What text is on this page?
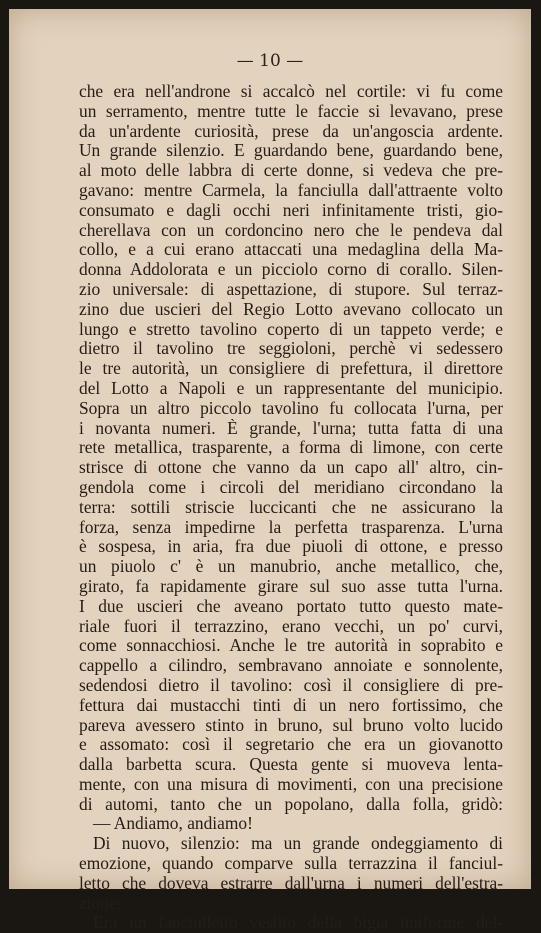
— 10 —

che era nell'androne si accalcò nel cortile: vi fu come
un serramento, mentre tutte le faccie si levavano, prese
da un'ardente curiosità, prese da un'angoscia ardente.
Un grande silenzio. E guardando bene, guardando bene,
al moto delle labbra di certe donne, si vedeva che pre-
gavano: mentre Carmela, la fanciulla dall'attraente volto
consumato e dagli occhi neri infinitamente tristi, gio-
cherellava con un cordoncino nero che le pendeva dal
collo, e a cui erano attaccati una medaglina della Ma-
donna Addolorata e un picciolo corno di corallo. Silen-
zio universale: di aspettazione, di stupore. Sul terraz-
zino due uscieri del Regio Lotto avevano collocato un
lungo e stretto tavolino coperto di un tappeto verde; e
dietro il tavolino tre seggioloni, perchè vi sedessero
le tre autorità, un consigliere di prefettura, il direttore
del Lotto a Napoli e un rappresentante del municipio.
Sopra un altro piccolo tavolino fu collocata l'urna, per
i novanta numeri. È grande, l'urna; tutta fatta di una
rete metallica, trasparente, a forma di limone, con certe
strisce di ottone che vanno da un capo all' altro, cin-
gendola come i circoli del meridiano circondano la
terra: sottili striscie luccicanti che ne assicurano la
forza, senza impedirne la perfetta trasparenza. L'urna
è sospesa, in aria, fra due piuoli di ottone, e presso
un piuolo c' è un manubrio, anche metallico, che,
girato, fa rapidamente girare sul suo asse tutta l'urna.
I due uscieri che aveano portato tutto questo mate-
riale fuori il terrazzino, erano vecchi, un po' curvi,
come sonnacchiosi. Anche le tre autorità in soprabito e
cappello a cilindro, sembravano annoiate e sonnolente,
sedendosi dietro il tavolino: così il consigliere di pre-
fettura dai mustacchi tinti di un nero fortissimo, che
pareva avessero stinto in bruno, sul bruno volto lucido
e assomato: così il segretario che era un giovanotto
dalla barbetta scura. Questa gente si muoveva lenta-
mente, con una misura di movimenti, con una precisione
di automi, tanto che un popolano, dalla folla, gridò:
— Andiamo, andiamo!
Di nuovo, silenzio: ma un grande ondeggiamento di
emozione, quando comparve sulla terrazzina il fanciul-
letto che doveva estrarre dall'urna i numeri dell'estra-
zione.
Era un fanciulletto vestito della bigia uniforme del-
